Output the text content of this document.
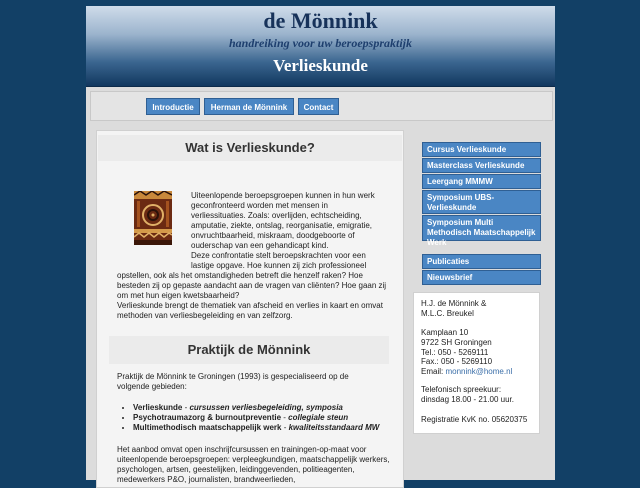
de Mönnink
handreiking voor uw beroepspraktijk
Verlieskunde
Introductie	Herman de Mönnink	Contact
Wat is Verlieskunde?

Uiteenlopende beroepsgroepen kunnen in hun werk geconfronteerd worden met mensen in verliessituaties. Zoals: overlijden, echtscheiding, amputatie, ziekte, ontslag, reorganisatie, emigratie, onvruchtbaarheid, miskraam, doodgeboorte of ouderschap van een gehandicapt kind.
Deze confrontatie stelt beroepskrachten voor een lastige opgave. Hoe kunnen zij zich professioneel

opstellen, ook als het omstandigheden betreft die henzelf raken? Hoe besteden zij op gepaste aandacht aan de vragen van cliënten? Hoe gaan zij om met hun eigen kwetsbaarheid?
Verlieskunde brengt de thematiek van afscheid en verlies in kaart en omvat methoden van verliesbegeleiding en van zelfzorg.

Praktijk de Mönnink

Praktijk de Mönnink te Groningen (1993) is gespecialiseerd op de volgende gebieden:

• Verlieskunde - cursussen verliesbegeleiding, symposia
• Psychotraumazorg & burnoutpreventie - collegiale steun
• Multimethodisch maatschappelijk werk - kwaliteitsstandaard MW

Het aanbod omvat open inschrijfcursussen en trainingen-op-maat voor uiteenlopende beroepsgroepen: verpleegkundigen, maatschappelijk werkers, psychologen, artsen, geestelijken, leidinggevenden, politieagenten, medewerkers P&O, journalisten, brandweerlieden,

Cursus Verlieskunde
Masterclass Verlieskunde
Leergang MMMW
Symposium UBS-Verlieskunde
Symposium Multi Methodisch Maatschappelijk Werk
Publicaties
Nieuwsbrief
H.J. de Mönnink &
M.L.C. Breukel
Kamplaan 10
9722 SH Groningen
Tel.: 050 - 5269111
Fax.: 050 - 5269110
Email: monnink@home.nl
Telefonisch spreekuur:
dinsdag 18.00 - 21.00 uur.
Registratie KvK no. 05620375
